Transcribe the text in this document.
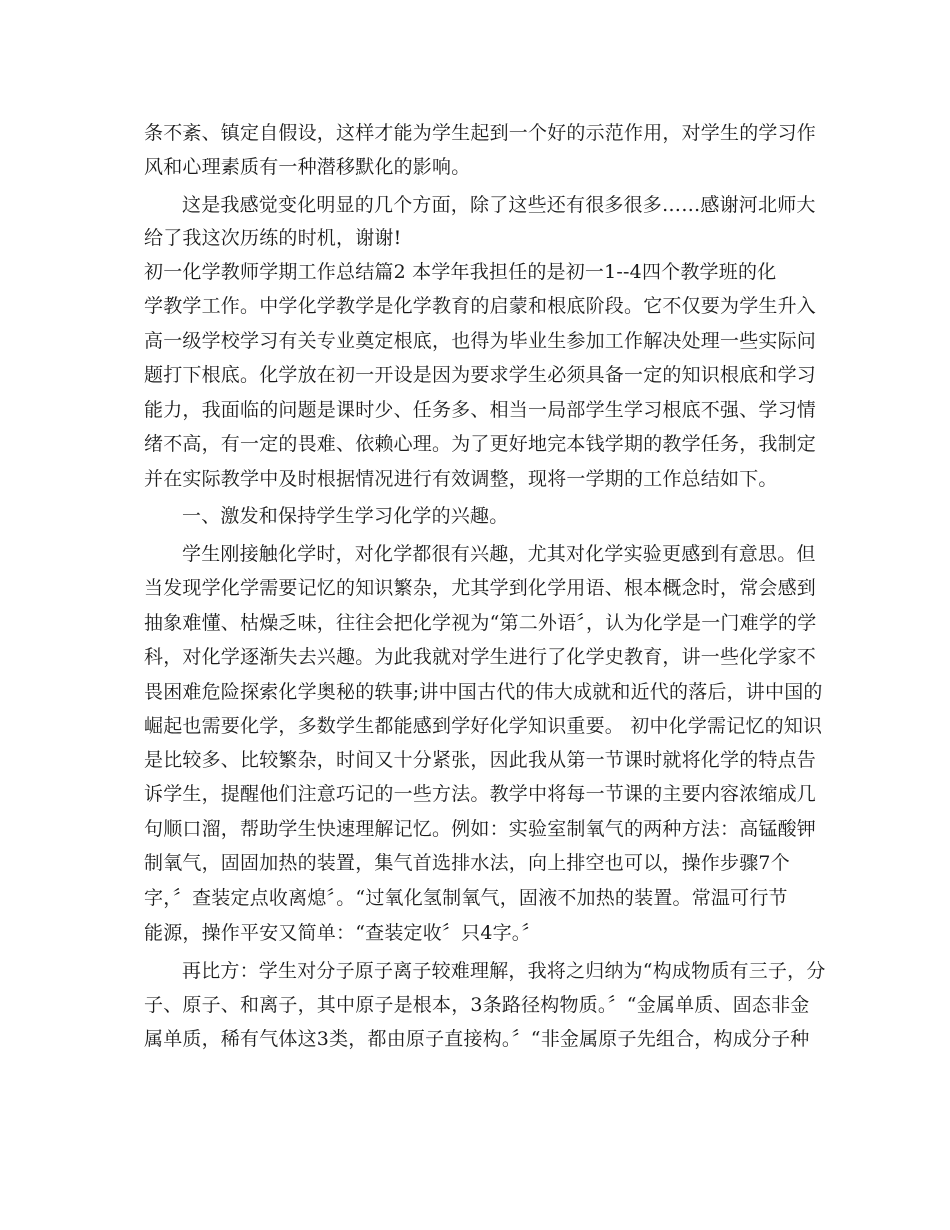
条不紊、镇定自假设，这样才能为学生起到一个好的示范作用，对学生的学习作
风和心理素质有一种潜移默化的影响。
这是我感觉变化明显的几个方面，除了这些还有很多很多……感谢河北师大
给了我这次历练的时机，谢谢!
初一化学教师学期工作总结篇2 本学年我担任的是初一1--4四个教学班的化
学教学工作。中学化学教学是化学教育的启蒙和根底阶段。它不仅要为学生升入
高一级学校学习有关专业奠定根底，也得为毕业生参加工作解决处理一些实际问
题打下根底。化学放在初一开设是因为要求学生必须具备一定的知识根底和学习
能力，我面临的问题是课时少、任务多、相当一局部学生学习根底不强、学习情
绪不高，有一定的畏难、依赖心理。为了更好地完本钱学期的教学任务，我制定
并在实际教学中及时根据情况进行有效调整，现将一学期的工作总结如下。
一、激发和保持学生学习化学的兴趣。
学生刚接触化学时，对化学都很有兴趣，尤其对化学实验更感到有意思。但
当发现学化学需要记忆的知识繁杂，尤其学到化学用语、根本概念时，常会感到
抽象难懂、枯燥乏味，往往会把化学视为“第二外语〞，认为化学是一门难学的学
科，对化学逐渐失去兴趣。为此我就对学生进行了化学史教育，讲一些化学家不
畏困难危险探索化学奥秘的轶事;讲中国古代的伟大成就和近代的落后，讲中国的
崛起也需要化学，多数学生都能感到学好化学知识重要。 初中化学需记忆的知识
是比较多、比较繁杂，时间又十分紧张，因此我从第一节课时就将化学的特点告
诉学生，提醒他们注意巧记的一些方法。教学中将每一节课的主要内容浓缩成几
句顺口溜，帮助学生快速理解记忆。例如：实验室制氧气的两种方法：高锰酸钾
制氧气，固固加热的装置，集气首选排水法，向上排空也可以，操作步骤7个
字，〞查装定点收离熄〞。“过氧化氢制氧气，固液不加热的装置。常温可行节
能源，操作平安又简单：“查装定收〞只4字。〞
再比方：学生对分子原子离子较难理解，我将之归纳为“构成物质有三子，分
子、原子、和离子，其中原子是根本，3条路径构物质。〞“金属单质、固态非金
属单质，稀有气体这3类，都由原子直接构。〞“非金属原子先组合，构成分子种
